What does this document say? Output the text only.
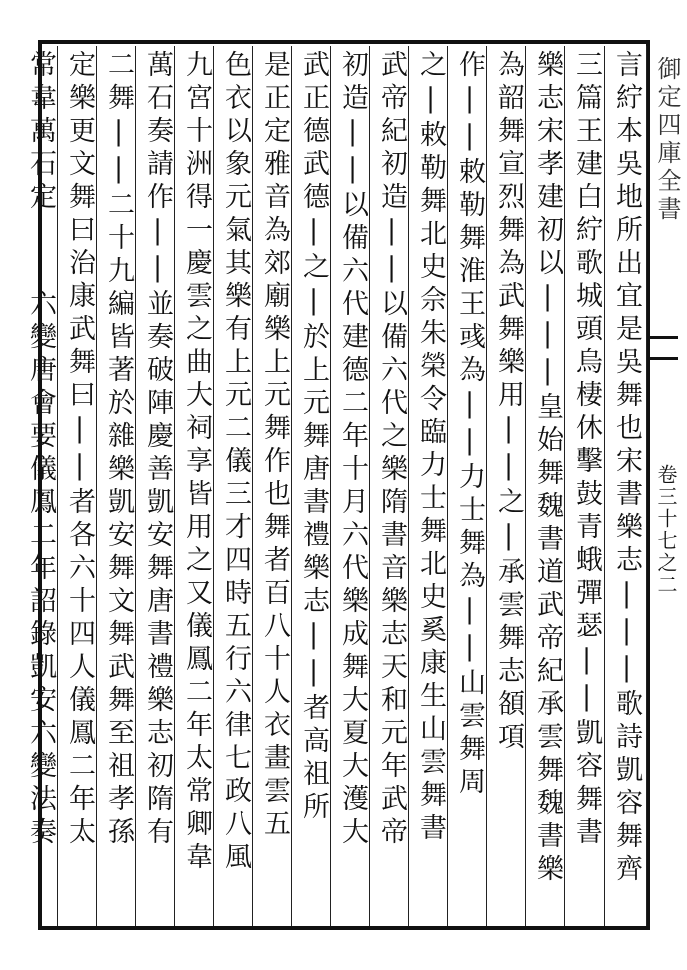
御定四庫全書
卷三十七之二
言紵本吳地所出宜是吳舞也宋書樂志|||歌詩凱容舞齊
三篇王建白紵歌城頭烏棲休擊鼓青蛾彈瑟||凱容舞書
樂志宋孝建初以|||皇始舞魏書道武帝紀承雲舞魏書樂
為韶舞宣烈舞為武舞樂用||之|承雲舞志頟項
作||敕勒舞淮王彧為||力士舞為||山雲舞周
之|敕勒舞北史佘朱榮令臨力士舞北史奚康生山雲舞書
武帝紀初造||以備六代之樂隋書音樂志天和元年武帝
初造||以備六代建德二年十月六代樂成舞大夏大濩大
武正德武德|之|於上元舞唐書禮樂志||者高祖所
是正定雅音為郊廟樂上元舞作也舞者百八十人衣畫雲五
色衣以象元氣其樂有上元二儀三才四時五行六律七政八風
九宮十洲得一慶雲之曲大祠享皆用之又儀鳳二年太常卿韋
萬石奏請作||並奏破陣慶善凱安舞唐書禮樂志初隋有
二舞||二十九編皆著於雜樂凱安舞文舞武舞至祖孝孫
定樂更文舞曰治康武舞曰||者各六十四人儀鳳二年太
常韋萬石定||六變唐會要儀鳳二年詔錄凱安六變法奏
